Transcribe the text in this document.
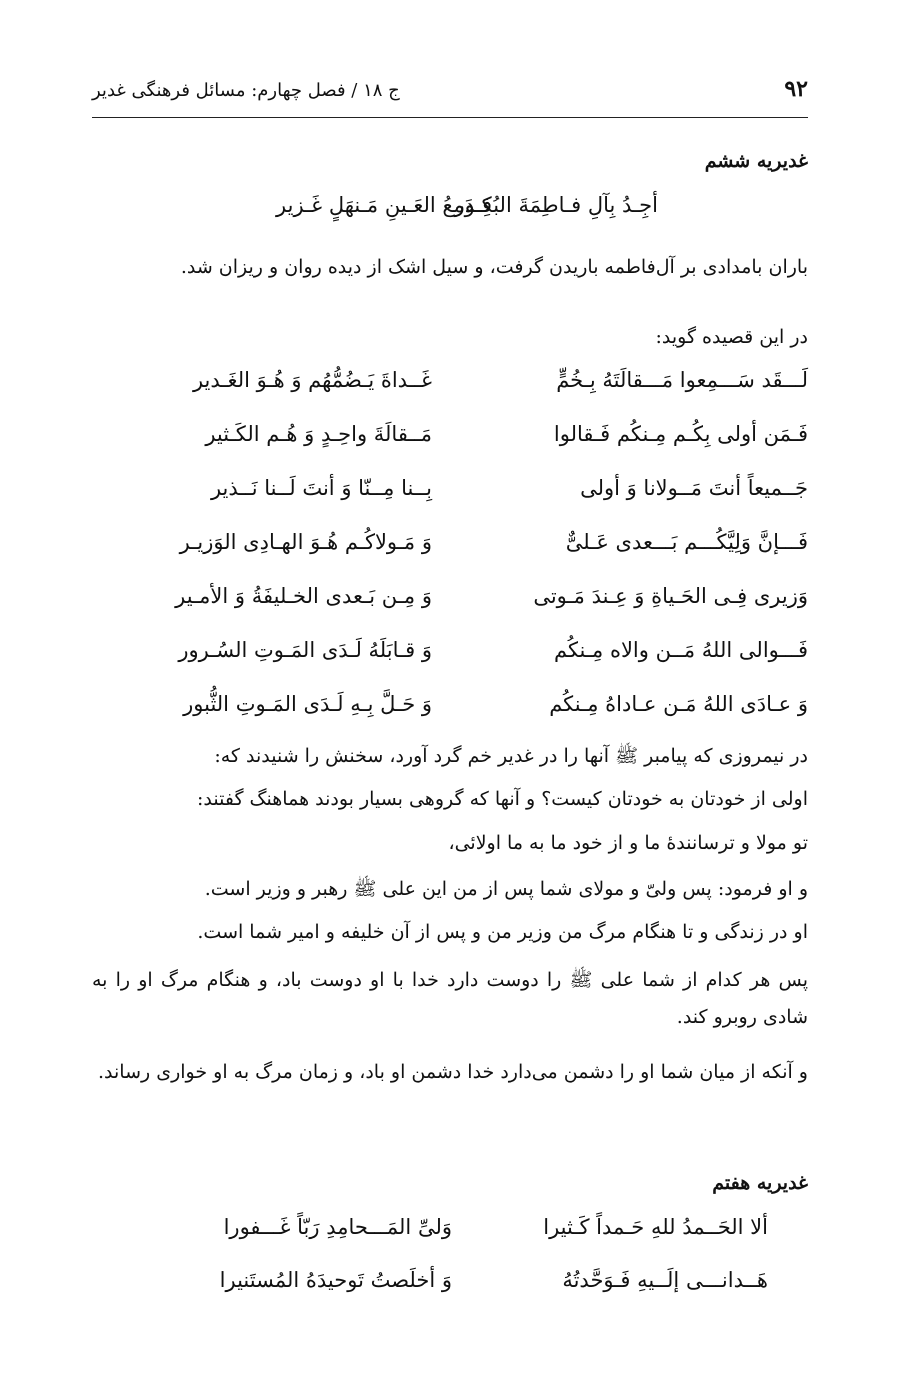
۹۲
ج ۱۸ / فصل چهارم: مسائل فرهنگی غدیر
غدیریه ششم
أجِـدُ بِآلِ فـاطِمَةَ البُکـور
فِـدَمعُ العَـینِ مَـنهَلٍ غَـزیر
باران بامدادی بر آل‌فاطمه باریدن گرفت، و سیل اشک از دیده روان و ریزان شد.
در این قصیده گوید:
لَـــقَد سَـــمِعوا مَـــقالَتَهُ بِـخُمٍّ
غَــداةَ یَـضُمُّهُم وَ هُـوَ الغَـدیر
فَـمَن أولی بِکُـم مِـنکُم فَـقالوا
مَــقالَةَ واحِـدٍ وَ هُـم الکَـثیر
جَــمیعاً أنتَ مَــولانا وَ أولی
بِــنا مِــنّا وَ أنتَ لَــنا نَــذیر
فَـــإنَّ وَلِیَّکُـــم بَـــعدی عَـلیٌّ
وَ مَـولاکُـم هُـوَ الهـادِی الوَزیـر
وَزیری فِـی الحَـیاةِ وَ عِـندَ مَـوتی
وَ مِـن بَـعدی الخـلیفَةُ وَ الأمـیر
فَـــوالی اللهُ مَــن والاه مِـنکُم
وَ قـابَلَهُ لَـدَی المَـوتِ السُـرور
وَ عـادَی اللهُ مَـن عـاداهُ مِـنکُم
وَ حَـلَّ بِـهِ لَـدَی المَـوتِ الثُّبور
در نیمروزی که پیامبر ﷺ آنها را در غدیر خم گرد آورد، سخنش را شنیدند که:
اولی از خودتان به خودتان کیست؟ و آنها که گروهی بسیار بودند هماهنگ گفتند:
تو مولا و ترسانندهٔ ما و از خود ما به ما اولائی،
و او فرمود: پس ولیّ و مولای شما پس از من این علی ﷺ رهبر و وزیر است.
او در زندگی و تا هنگام مرگ من وزیر من و پس از آن خلیفه و امیر شما است.
پس هر کدام از شما علی ﷺ را دوست دارد خدا با او دوست باد، و هنگام مرگ او را به شادی روبرو کند.
و آنکه از میان شما او را دشمن می‌دارد خدا دشمن او باد، و زمان مرگ به او خواری رساند.
غدیریه هفتم
ألا الحَــمدُ للهِ حَـمداً کَـثیرا
وَلیِّ المَـــحامِدِ رَبّاً غَـــفورا
هَــدانـــی إلَــیهِ فَـوَحَّدتُهُ
وَ أخلَصتُ تَوحیدَهُ المُستَنیرا
